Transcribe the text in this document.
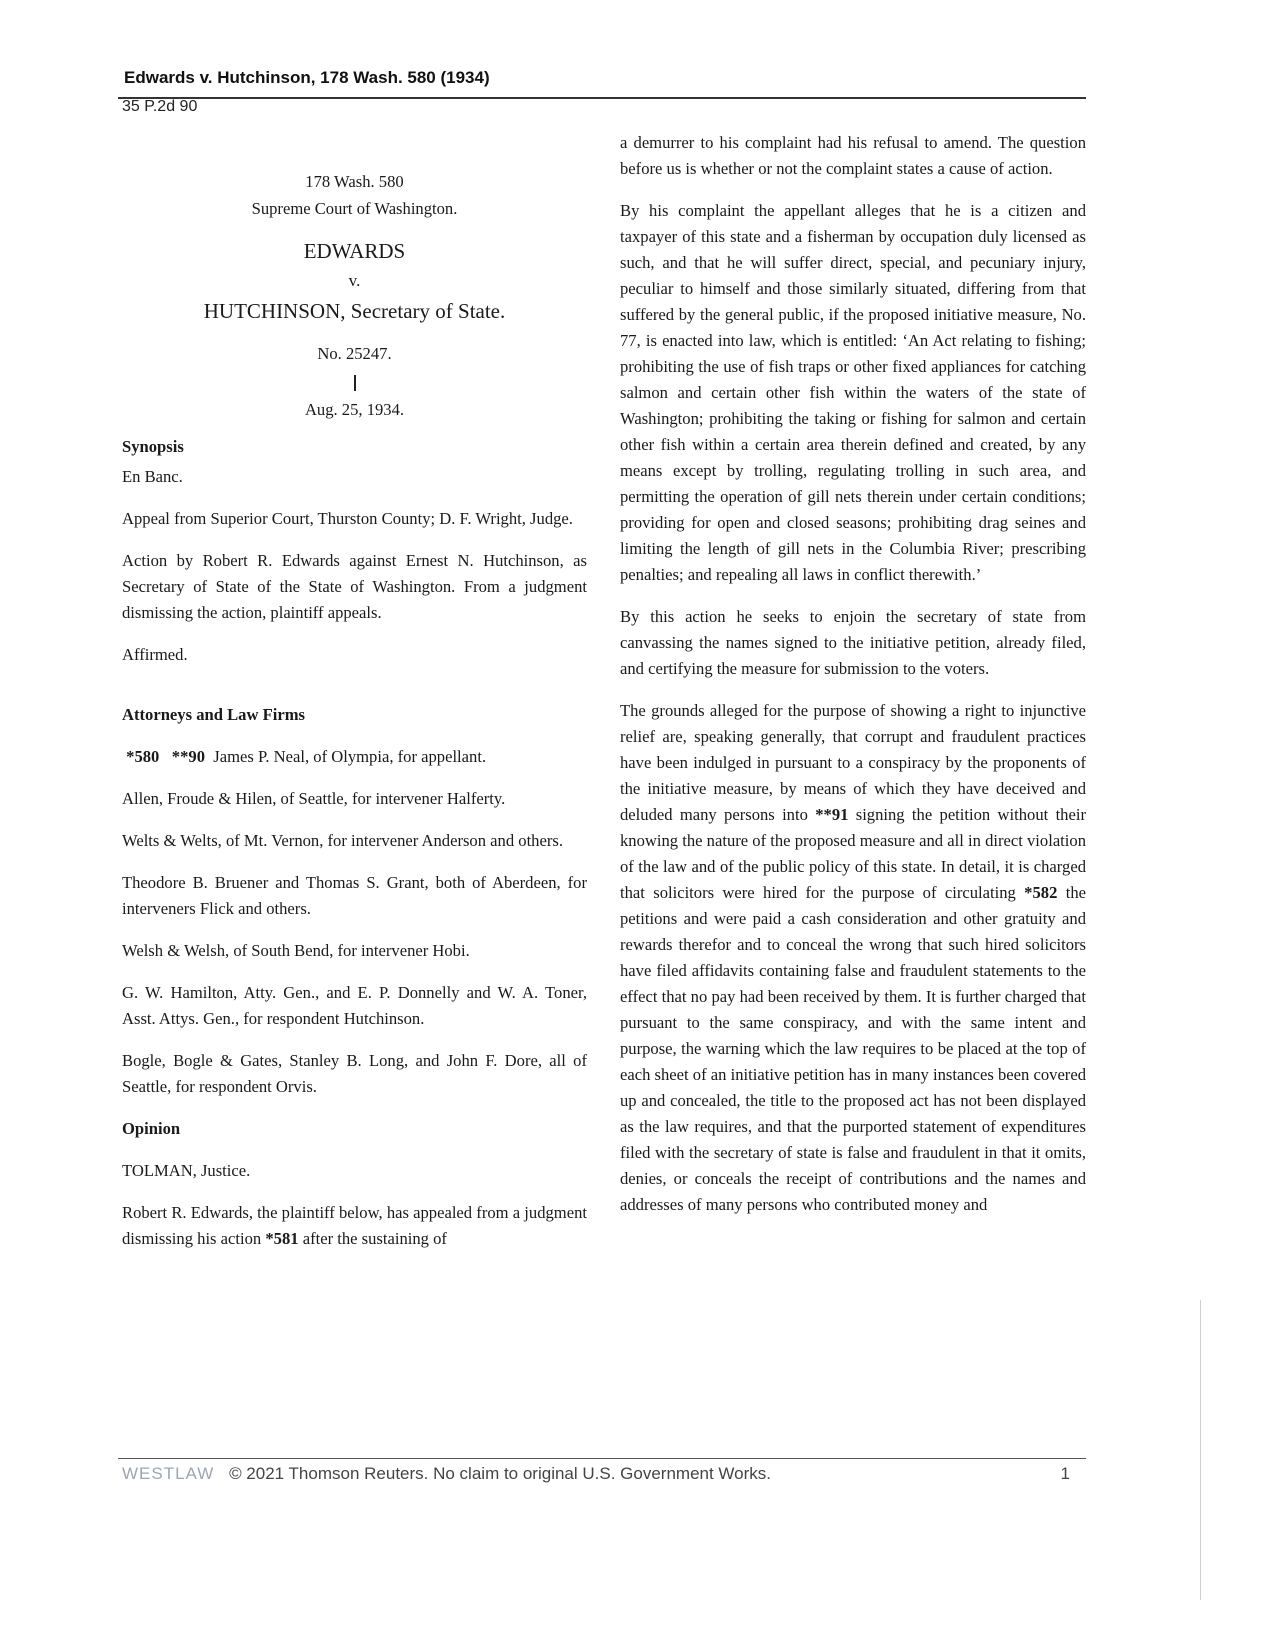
Edwards v. Hutchinson, 178 Wash. 580 (1934)
35 P.2d 90
178 Wash. 580
Supreme Court of Washington.
EDWARDS
v.
HUTCHINSON, Secretary of State.
No. 25247.
Aug. 25, 1934.
Synopsis

En Banc.

Appeal from Superior Court, Thurston County; D. F. Wright, Judge.

Action by Robert R. Edwards against Ernest N. Hutchinson, as Secretary of State of the State of Washington. From a judgment dismissing the action, plaintiff appeals.

Affirmed.

Attorneys and Law Firms

*580 **90 James P. Neal, of Olympia, for appellant.

Allen, Froude & Hilen, of Seattle, for intervener Halferty.

Welts & Welts, of Mt. Vernon, for intervener Anderson and others.

Theodore B. Bruener and Thomas S. Grant, both of Aberdeen, for interveners Flick and others.

Welsh & Welsh, of South Bend, for intervener Hobi.

G. W. Hamilton, Atty. Gen., and E. P. Donnelly and W. A. Toner, Asst. Attys. Gen., for respondent Hutchinson.

Bogle, Bogle & Gates, Stanley B. Long, and John F. Dore, all of Seattle, for respondent Orvis.

Opinion

TOLMAN, Justice.

Robert R. Edwards, the plaintiff below, has appealed from a judgment dismissing his action *581 after the sustaining of

a demurrer to his complaint had his refusal to amend. The question before us is whether or not the complaint states a cause of action.

By his complaint the appellant alleges that he is a citizen and taxpayer of this state and a fisherman by occupation duly licensed as such, and that he will suffer direct, special, and pecuniary injury, peculiar to himself and those similarly situated, differing from that suffered by the general public, if the proposed initiative measure, No. 77, is enacted into law, which is entitled: ‘An Act relating to fishing; prohibiting the use of fish traps or other fixed appliances for catching salmon and certain other fish within the waters of the state of Washington; prohibiting the taking or fishing for salmon and certain other fish within a certain area therein defined and created, by any means except by trolling, regulating trolling in such area, and permitting the operation of gill nets therein under certain conditions; providing for open and closed seasons; prohibiting drag seines and limiting the length of gill nets in the Columbia River; prescribing penalties; and repealing all laws in conflict therewith.’

By this action he seeks to enjoin the secretary of state from canvassing the names signed to the initiative petition, already filed, and certifying the measure for submission to the voters.

The grounds alleged for the purpose of showing a right to injunctive relief are, speaking generally, that corrupt and fraudulent practices have been indulged in pursuant to a conspiracy by the proponents of the initiative measure, by means of which they have deceived and deluded many persons into **91 signing the petition without their knowing the nature of the proposed measure and all in direct violation of the law and of the public policy of this state. In detail, it is charged that solicitors were hired for the purpose of circulating *582 the petitions and were paid a cash consideration and other gratuity and rewards therefor and to conceal the wrong that such hired solicitors have filed affidavits containing false and fraudulent statements to the effect that no pay had been received by them. It is further charged that pursuant to the same conspiracy, and with the same intent and purpose, the warning which the law requires to be placed at the top of each sheet of an initiative petition has in many instances been covered up and concealed, the title to the proposed act has not been displayed as the law requires, and that the purported statement of expenditures filed with the secretary of state is false and fraudulent in that it omits, denies, or conceals the receipt of contributions and the names and addresses of many persons who contributed money and

WESTLAW © 2021 Thomson Reuters. No claim to original U.S. Government Works.	1
